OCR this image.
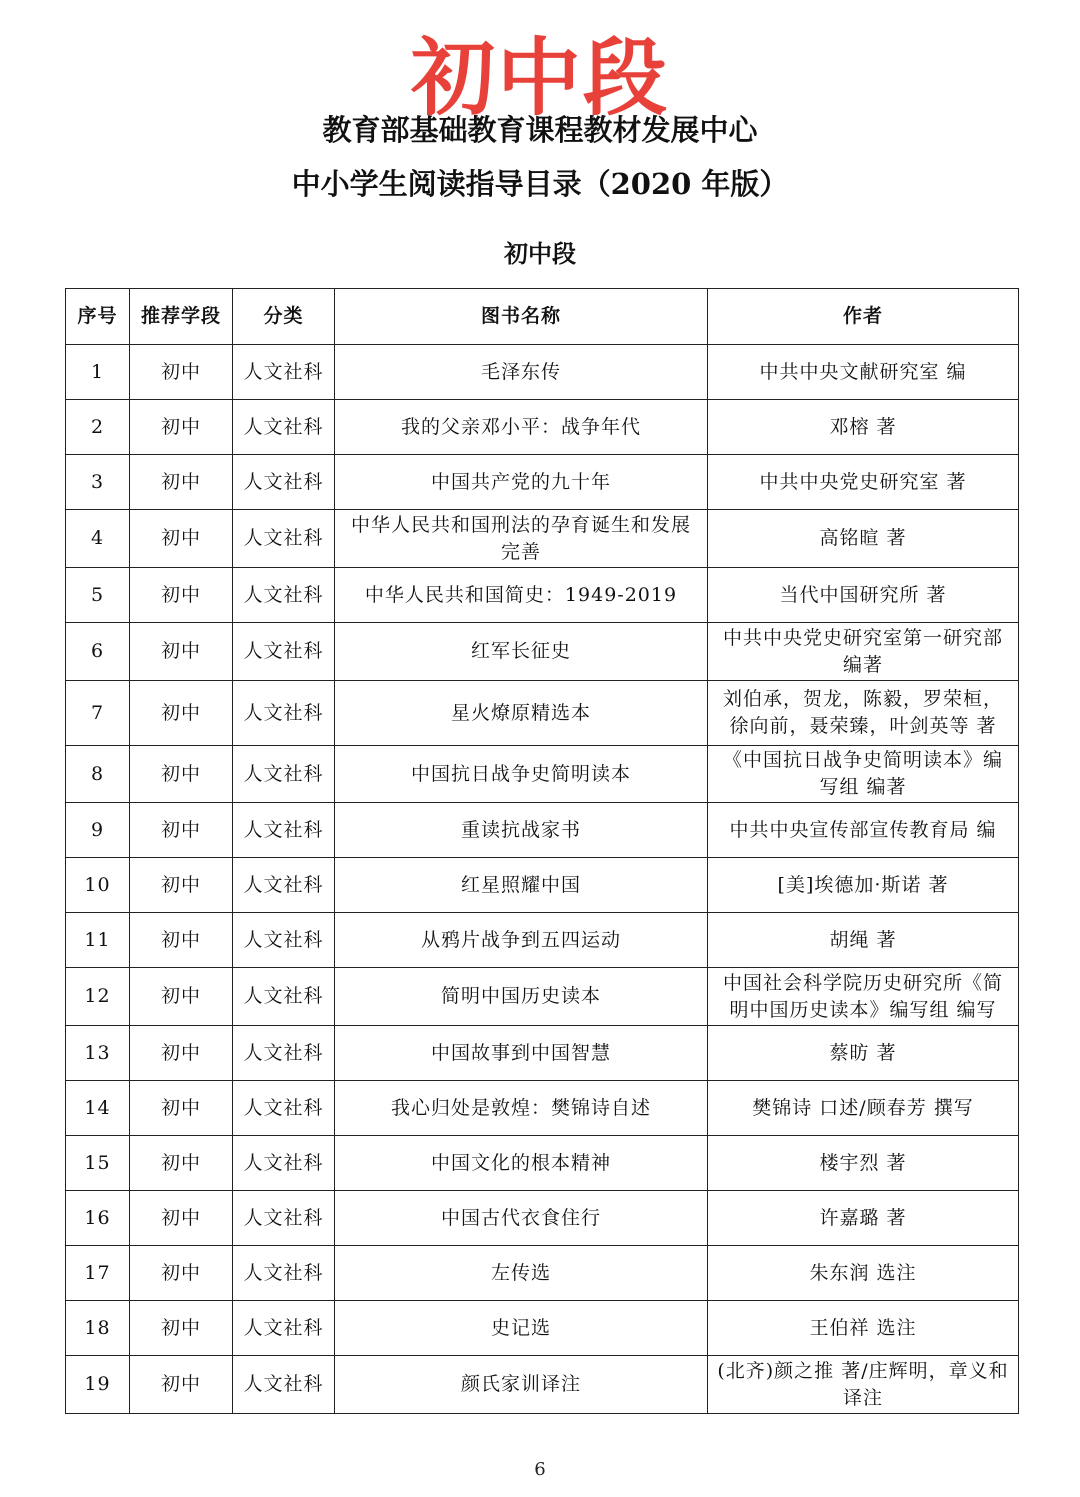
初中段
教育部基础教育课程教材发展中心
中小学生阅读指导目录（2020 年版）
初中段
序号	推荐学段	分类	图书名称	作者
1	初中	人文社科	毛泽东传	中共中央文献研究室 编
2	初中	人文社科	我的父亲邓小平：战争年代	邓榕 著
3	初中	人文社科	中国共产党的九十年	中共中央党史研究室 著
4	初中	人文社科	中华人民共和国刑法的孕育诞生和发展完善	高铭暄 著
5	初中	人文社科	中华人民共和国简史：1949-2019	当代中国研究所 著
6	初中	人文社科	红军长征史	中共中央党史研究室第一研究部 编著
7	初中	人文社科	星火燎原精选本	刘伯承，贺龙，陈毅，罗荣桓，徐向前，聂荣臻，叶剑英等 著
8	初中	人文社科	中国抗日战争史简明读本	《中国抗日战争史简明读本》编写组 编著
9	初中	人文社科	重读抗战家书	中共中央宣传部宣传教育局 编
10	初中	人文社科	红星照耀中国	[美]埃德加·斯诺 著
11	初中	人文社科	从鸦片战争到五四运动	胡绳 著
12	初中	人文社科	简明中国历史读本	中国社会科学院历史研究所《简明中国历史读本》编写组 编写
13	初中	人文社科	中国故事到中国智慧	蔡昉 著
14	初中	人文社科	我心归处是敦煌：樊锦诗自述	樊锦诗 口述/顾春芳 撰写
15	初中	人文社科	中国文化的根本精神	楼宇烈 著
16	初中	人文社科	中国古代衣食住行	许嘉璐 著
17	初中	人文社科	左传选	朱东润 选注
18	初中	人文社科	史记选	王伯祥 选注
19	初中	人文社科	颜氏家训译注	(北齐)颜之推 著/庄辉明，章义和 译注
6
